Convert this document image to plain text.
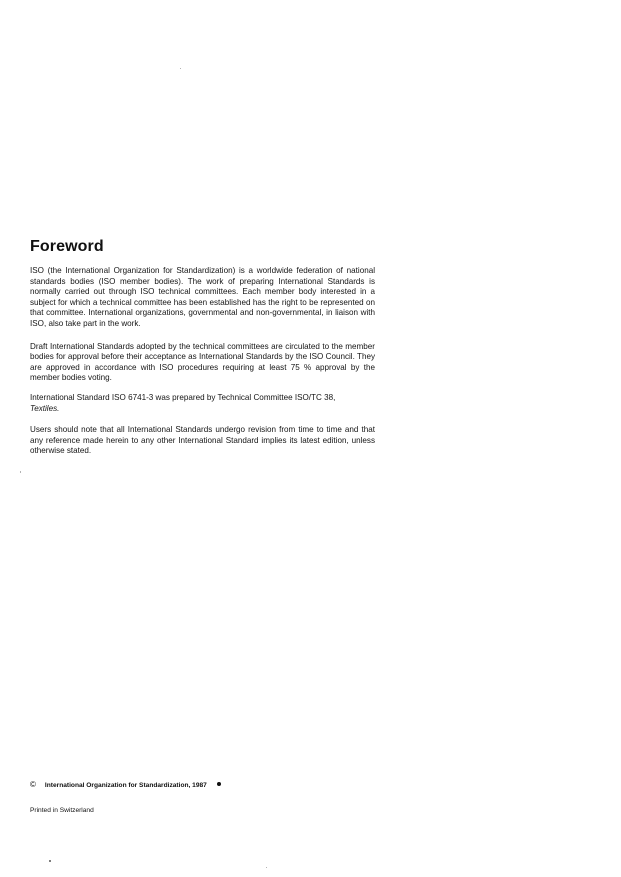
Foreword

ISO (the International Organization for Standardization) is a worldwide federation of national standards bodies (ISO member bodies). The work of preparing International Standards is normally carried out through ISO technical committees. Each member body interested in a subject for which a technical committee has been established has the right to be represented on that committee. International organizations, governmental and non-governmental, in liaison with ISO, also take part in the work.

Draft International Standards adopted by the technical committees are circulated to the member bodies for approval before their acceptance as International Standards by the ISO Council. They are approved in accordance with ISO procedures requiring at least 75 % approval by the member bodies voting.

International Standard ISO 6741-3 was prepared by Technical Committee ISO/TC 38,
Textiles.

Users should note that all International Standards undergo revision from time to time and that any reference made herein to any other International Standard implies its latest edition, unless otherwise stated.

© International Organization for Standardization, 1987
Printed in Switzerland
